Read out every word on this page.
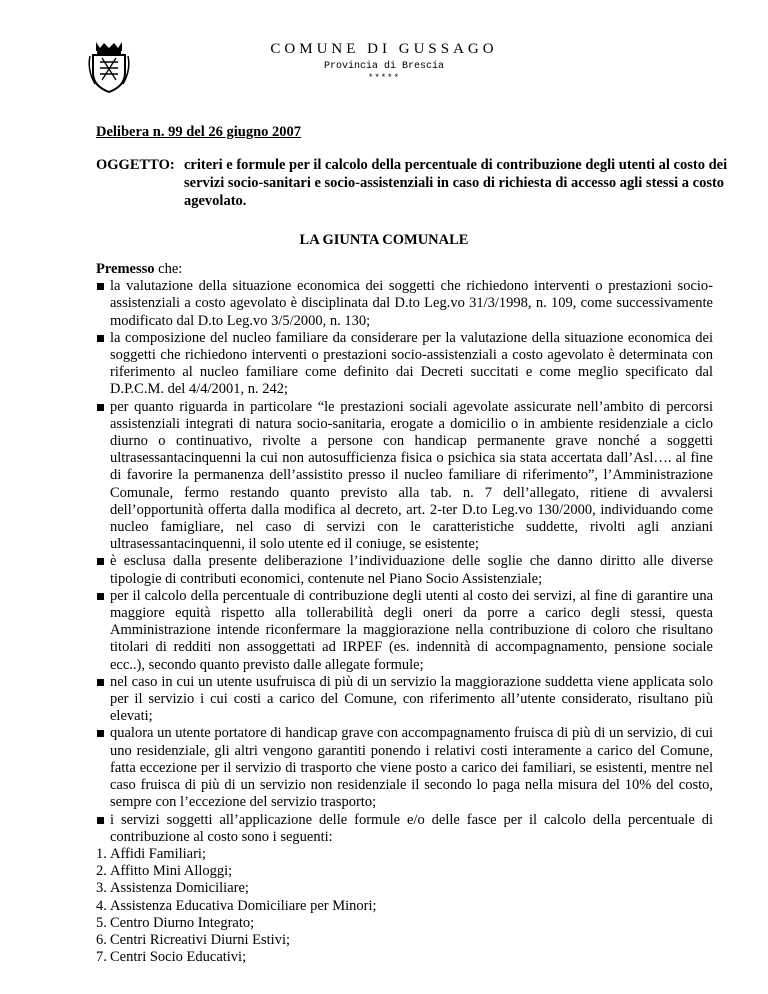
COMUNE DI GUSSAGO
Provincia di Brescia
*****
Delibera n. 99 del 26 giugno 2007
OGGETTO: criteri e formule per il calcolo della percentuale di contribuzione degli utenti al costo dei servizi socio-sanitari e socio-assistenziali in caso di richiesta di accesso agli stessi a costo agevolato.
LA GIUNTA COMUNALE

Premesso che:

la valutazione della situazione economica dei soggetti che richiedono interventi o prestazioni socio-assistenziali a costo agevolato è disciplinata dal D.to Leg.vo 31/3/1998, n. 109, come successivamente modificato dal D.to Leg.vo 3/5/2000, n. 130;
la composizione del nucleo familiare da considerare per la valutazione della situazione economica dei soggetti che richiedono interventi o prestazioni socio-assistenziali a costo agevolato è determinata con riferimento al nucleo familiare come definito dai Decreti succitati e come meglio specificato dal D.P.C.M. del 4/4/2001, n. 242;
per quanto riguarda in particolare “le prestazioni sociali agevolate assicurate nell’ambito di percorsi assistenziali integrati di natura socio-sanitaria, erogate a domicilio o in ambiente residenziale a ciclo diurno o continuativo, rivolte a persone con handicap permanente grave nonché a soggetti ultrasessantacinquenni la cui non autosufficienza fisica o psichica sia stata accertata dall’Asl…. al fine di favorire la permanenza dell’assistito presso il nucleo familiare di riferimento”, l’Amministrazione Comunale, fermo restando quanto previsto alla tab. n. 7 dell’allegato, ritiene di avvalersi dell’opportunità offerta dalla modifica al decreto, art. 2-ter D.to Leg.vo 130/2000, individuando come nucleo famigliare, nel caso di servizi con le caratteristiche suddette, rivolti agli anziani ultrasessantacinquenni, il solo utente ed il coniuge, se esistente;
è esclusa dalla presente deliberazione l’individuazione delle soglie che danno diritto alle diverse tipologie di contributi economici, contenute nel Piano Socio Assistenziale;
per il calcolo della percentuale di contribuzione degli utenti al costo dei servizi, al fine di garantire una maggiore equità rispetto alla tollerabilità degli oneri da porre a carico degli stessi, questa Amministrazione intende riconfermare la maggiorazione nella contribuzione di coloro che risultano titolari di redditi non assoggettati ad IRPEF (es. indennità di accompagnamento, pensione sociale ecc..), secondo quanto previsto dalle allegate formule;
nel caso in cui un utente usufruisca di più di un servizio la maggiorazione suddetta viene applicata solo per il servizio i cui costi a carico del Comune, con riferimento all’utente considerato, risultano più elevati;
qualora un utente portatore di handicap grave con accompagnamento fruisca di più di un servizio, di cui uno residenziale, gli altri vengono garantiti ponendo i relativi costi interamente a carico del Comune, fatta eccezione per il servizio di trasporto che viene posto a carico dei familiari, se esistenti, mentre nel caso fruisca di più di un servizio non residenziale il secondo lo paga nella misura del 10% del costo, sempre con l’eccezione del servizio trasporto;
i servizi soggetti all’applicazione delle formule e/o delle fasce per il calcolo della percentuale di contribuzione al costo sono i seguenti:
1. Affidi Familiari;
2. Affitto Mini Alloggi;
3. Assistenza Domiciliare;
4. Assistenza Educativa Domiciliare per Minori;
5. Centro Diurno Integrato;
6. Centri Ricreativi Diurni Estivi;
7. Centri Socio Educativi;
